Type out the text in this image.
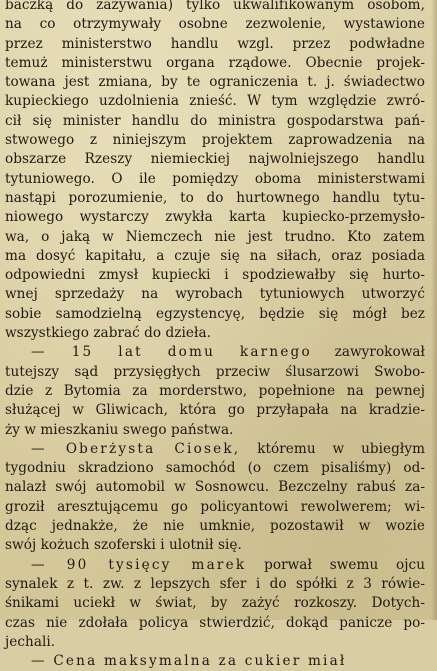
baczką do zażywania) tylko ukwalifikowanym osobom,
na co otrzymywały osobne zezwolenie, wystawione
przez ministerstwo handlu wzgl. przez podwładne
temuż ministerstwu organa rządowe. Obecnie projek-
towana jest zmiana, by te ograniczenia t. j. świadectwo
kupieckiego uzdolnienia znieść. W tym względzie zwró-
cił się minister handlu do ministra gospodarstwa pań-
stwowego z niniejszym projektem zaprowadzenia na
obszarze Rzeszy niemieckiej najwolniejszego handlu
tytuniowego. O ile pomiędzy oboma ministerstwami
nastąpi porozumienie, to do hurtownego handlu tytu-
niowego wystarczy zwykła karta kupiecko-przemysło-
wa, o jaką w Niemczech nie jest trudno. Kto zatem
ma dosyć kapitału, a czuje się na siłach, oraz posiada
odpowiedni zmysł kupiecki i spodziewałby się hurto-
wnej sprzedaży na wyrobach tytuniowych utworzyć
sobie samodzielną egzystencyę, będzie się mógł bez
wszystkiego zabrać do dzieła.
— 15 lat domu karnego zawyrokował
tutejszy sąd przysięgłych przeciw ślusarzowi Swobo-
dzie z Bytomia za morderstwo, popełnione na pewnej
służącej w Gliwicach, która go przyłapała na kradzie-
ży w mieszkaniu swego państwa.
— Oberżysta Ciosek, któremu w ubiegłym
tygodniu skradziono samochód (o czem pisaliśmy) od-
nalazł swój automobil w Sosnowcu. Bezczelny rabuś za-
groził aresztującemu go policyantowi rewolwerem; wi-
dząc jednakże, że nie umknie, pozostawił w wozie
swój kożuch szoferski i ulotnił się.
— 90 tysięcy marek porwał swemu ojcu
synalek z t. zw. z lepszych sfer i do spółki z 3 rówie-
śnikami uciekł w świat, by zażyć rozkoszy. Dotych-
czas nie zdołała policya stwierdzić, dokąd panicze po-
jechali.
— Cena maksymalna za cukier miał
